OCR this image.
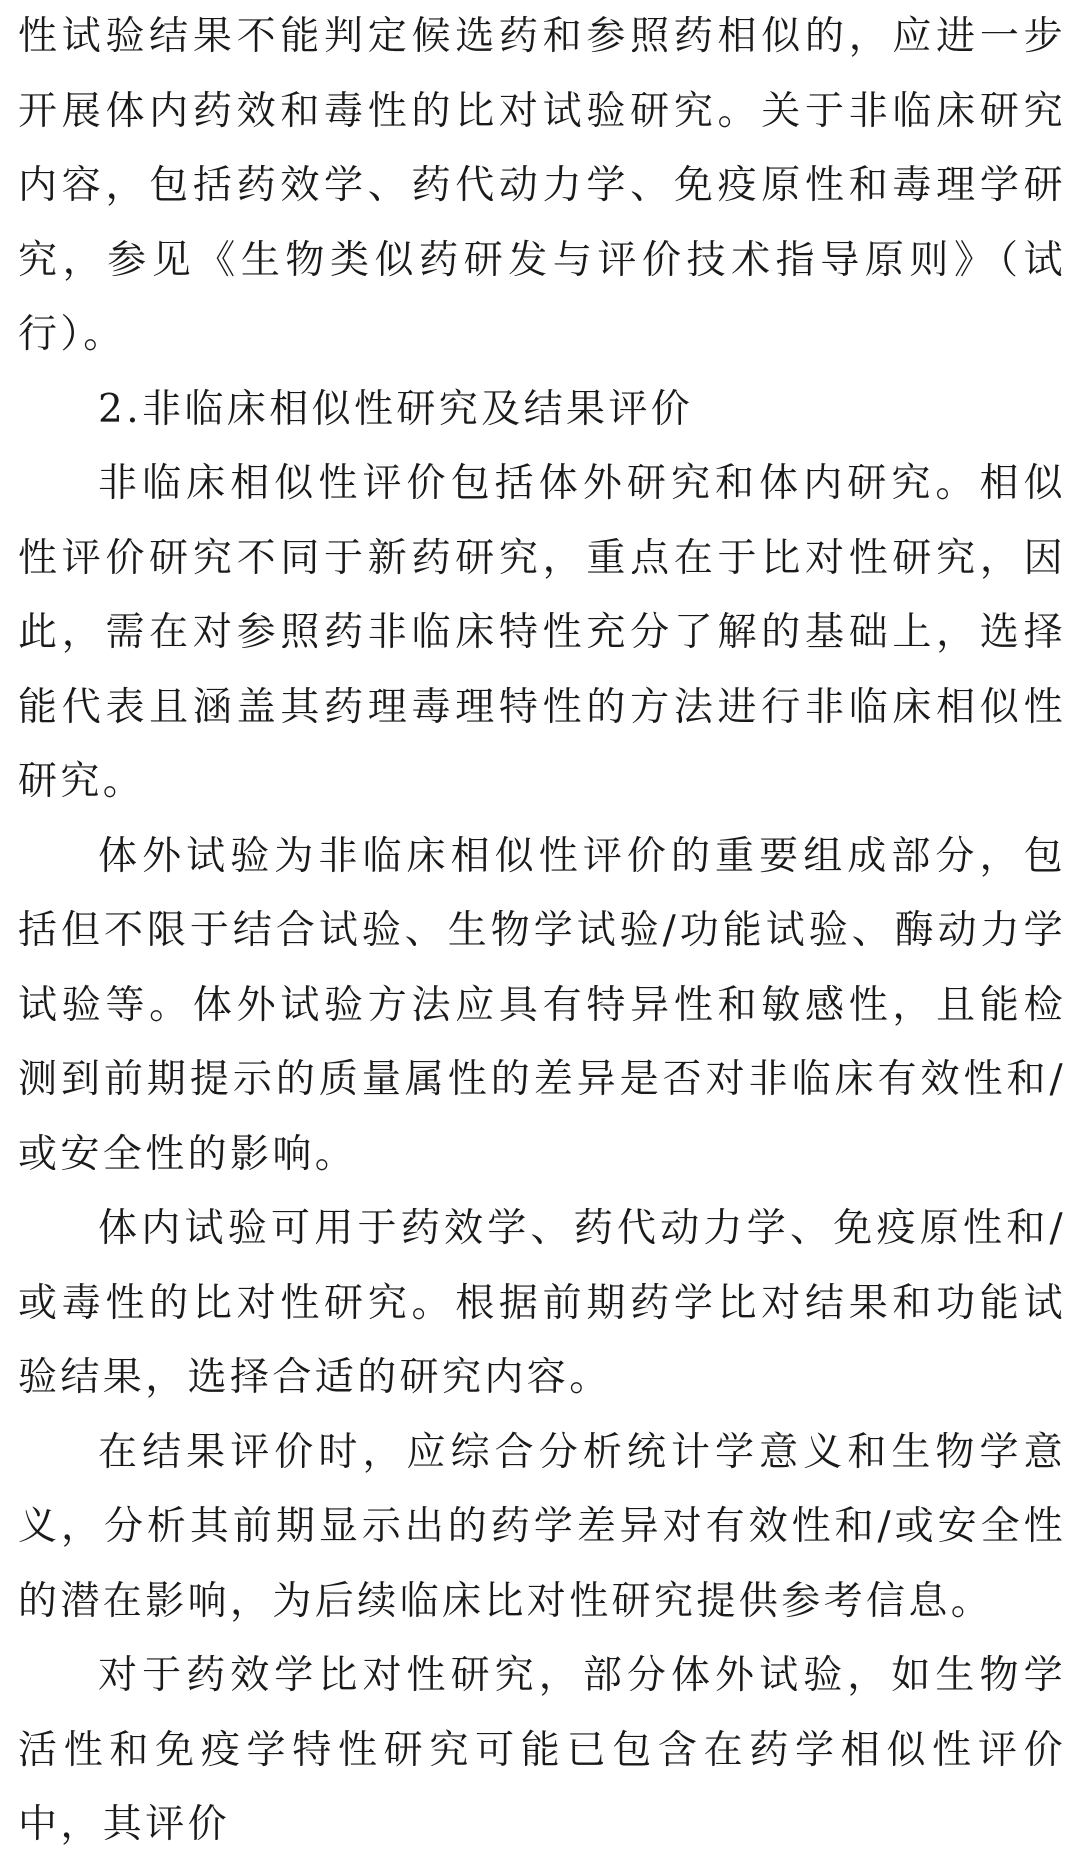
性试验结果不能判定候选药和参照药相似的，应进一步开展体内药效和毒性的比对试验研究。关于非临床研究内容，包括药效学、药代动力学、免疫原性和毒理学研究，参见《生物类似药研发与评价技术指导原则》（试行）。

2.非临床相似性研究及结果评价

非临床相似性评价包括体外研究和体内研究。相似性评价研究不同于新药研究，重点在于比对性研究，因此，需在对参照药非临床特性充分了解的基础上，选择能代表且涵盖其药理毒理特性的方法进行非临床相似性研究。

体外试验为非临床相似性评价的重要组成部分，包括但不限于结合试验、生物学试验/功能试验、酶动力学试验等。体外试验方法应具有特异性和敏感性，且能检测到前期提示的质量属性的差异是否对非临床有效性和/或安全性的影响。

体内试验可用于药效学、药代动力学、免疫原性和/或毒性的比对性研究。根据前期药学比对结果和功能试验结果，选择合适的研究内容。

在结果评价时，应综合分析统计学意义和生物学意义，分析其前期显示出的药学差异对有效性和/或安全性的潜在影响，为后续临床比对性研究提供参考信息。

对于药效学比对性研究，部分体外试验，如生物学活性和免疫学特性研究可能已包含在药学相似性评价中，其评价
